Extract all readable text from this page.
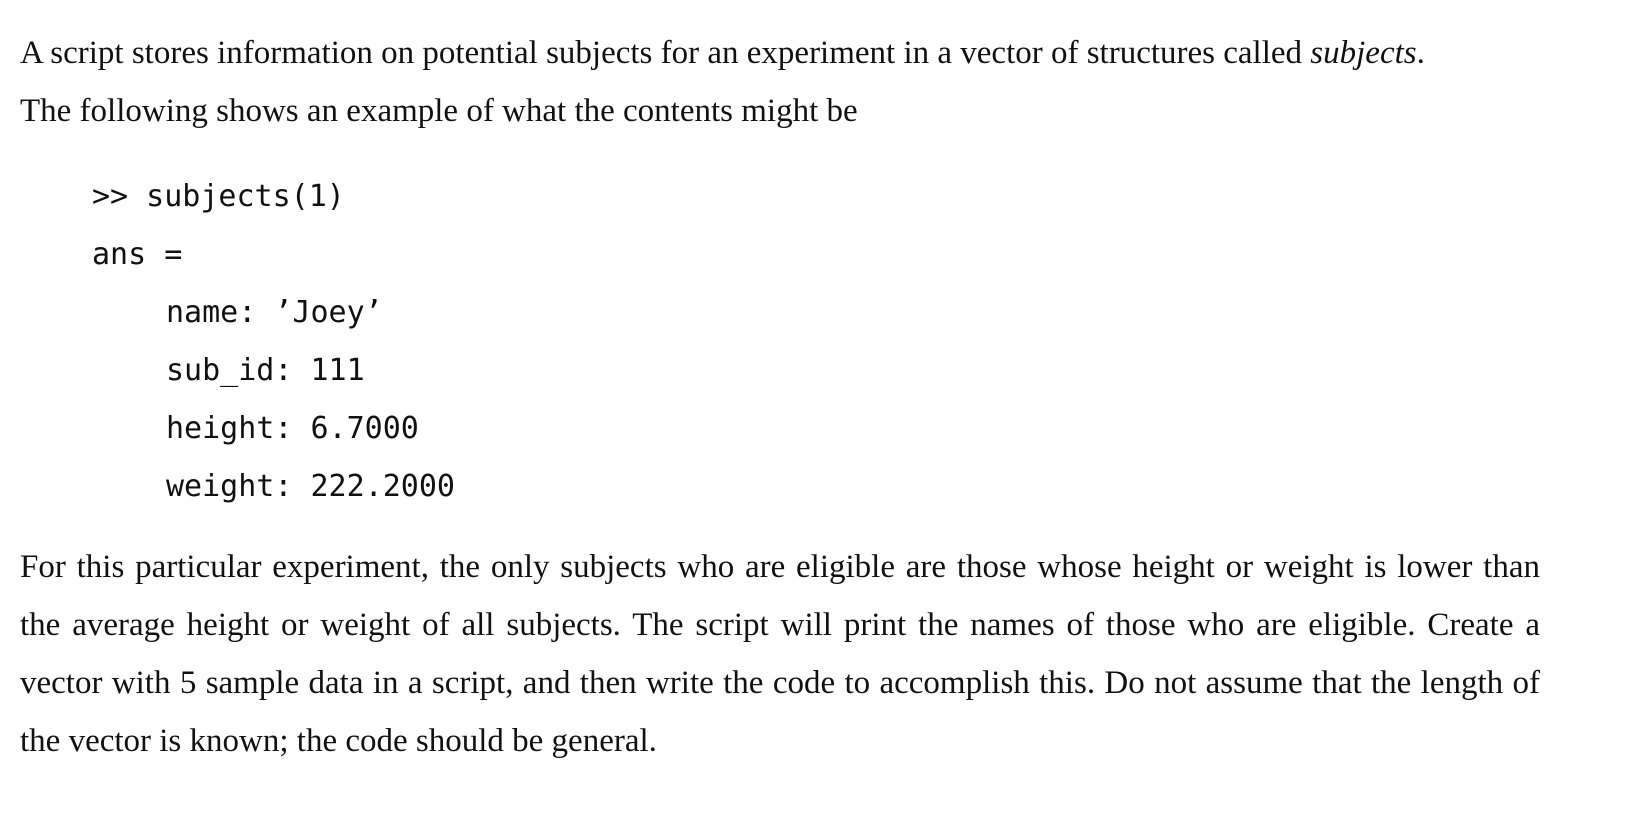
A script stores information on potential subjects for an experiment in a vector of structures called subjects.
The following shows an example of what the contents might be

>> subjects(1)
ans =
name: ’Joey’
sub_id: 111
height: 6.7000
weight: 222.2000

For this particular experiment, the only subjects who are eligible are those whose height or weight is lower than the average height or weight of all subjects. The script will print the names of those who are eligible. Create a vector with 5 sample data in a script, and then write the code to accomplish this. Do not assume that the length of the vector is known; the code should be general.
